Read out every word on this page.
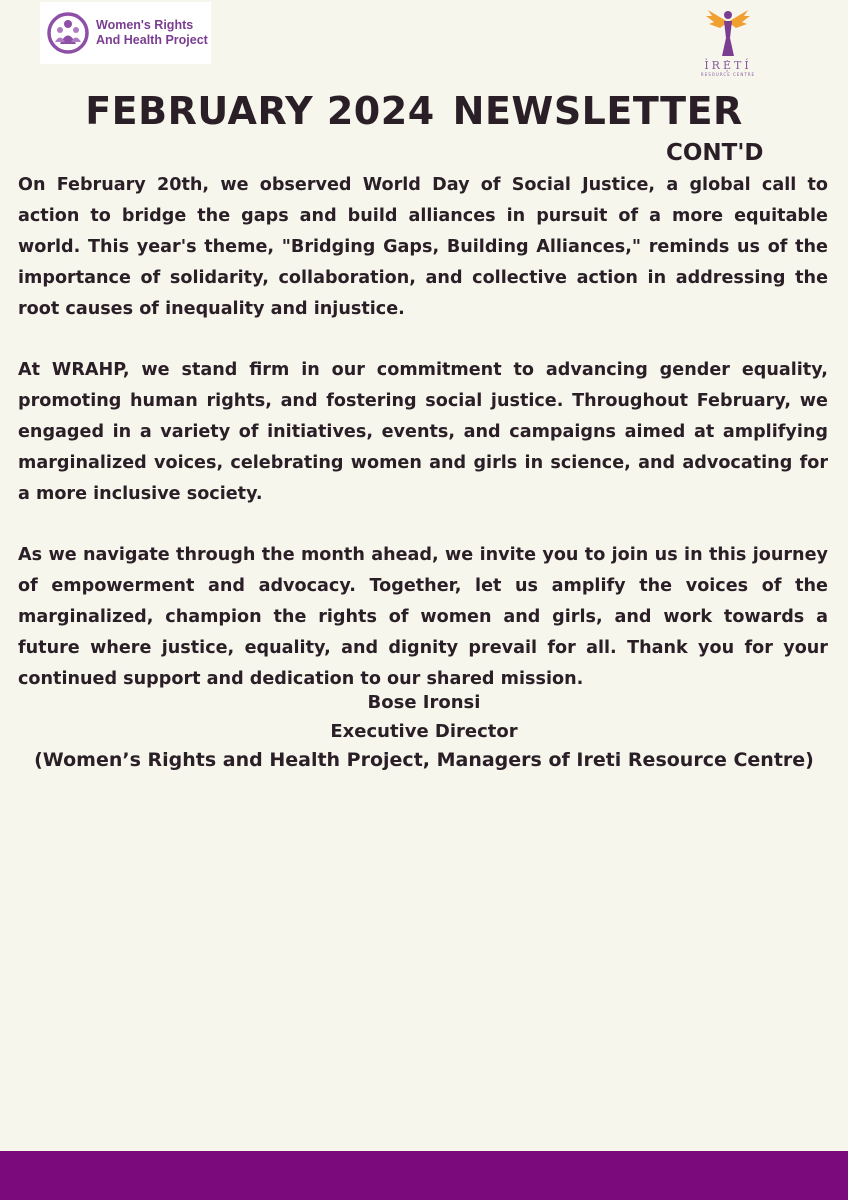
Women's Rights
And Health Project
ÌRẸ̀TÍ
RESOURCE CENTRE
FEBRUARY 2024 NEWSLETTER
CONT'D

On February 20th, we observed World Day of Social Justice, a global call to action to bridge the gaps and build alliances in pursuit of a more equitable world. This year's theme, "Bridging Gaps, Building Alliances," reminds us of the importance of solidarity, collaboration, and collective action in addressing the root causes of inequality and injustice.

At WRAHP, we stand firm in our commitment to advancing gender equality, promoting human rights, and fostering social justice. Throughout February, we engaged in a variety of initiatives, events, and campaigns aimed at amplifying marginalized voices, celebrating women and girls in science, and advocating for a more inclusive society.

As we navigate through the month ahead, we invite you to join us in this journey of empowerment and advocacy. Together, let us amplify the voices of the marginalized, champion the rights of women and girls, and work towards a future where justice, equality, and dignity prevail for all. Thank you for your continued support and dedication to our shared mission.

Bose Ironsi
Executive Director
(Women’s Rights and Health Project, Managers of Ireti Resource Centre)
